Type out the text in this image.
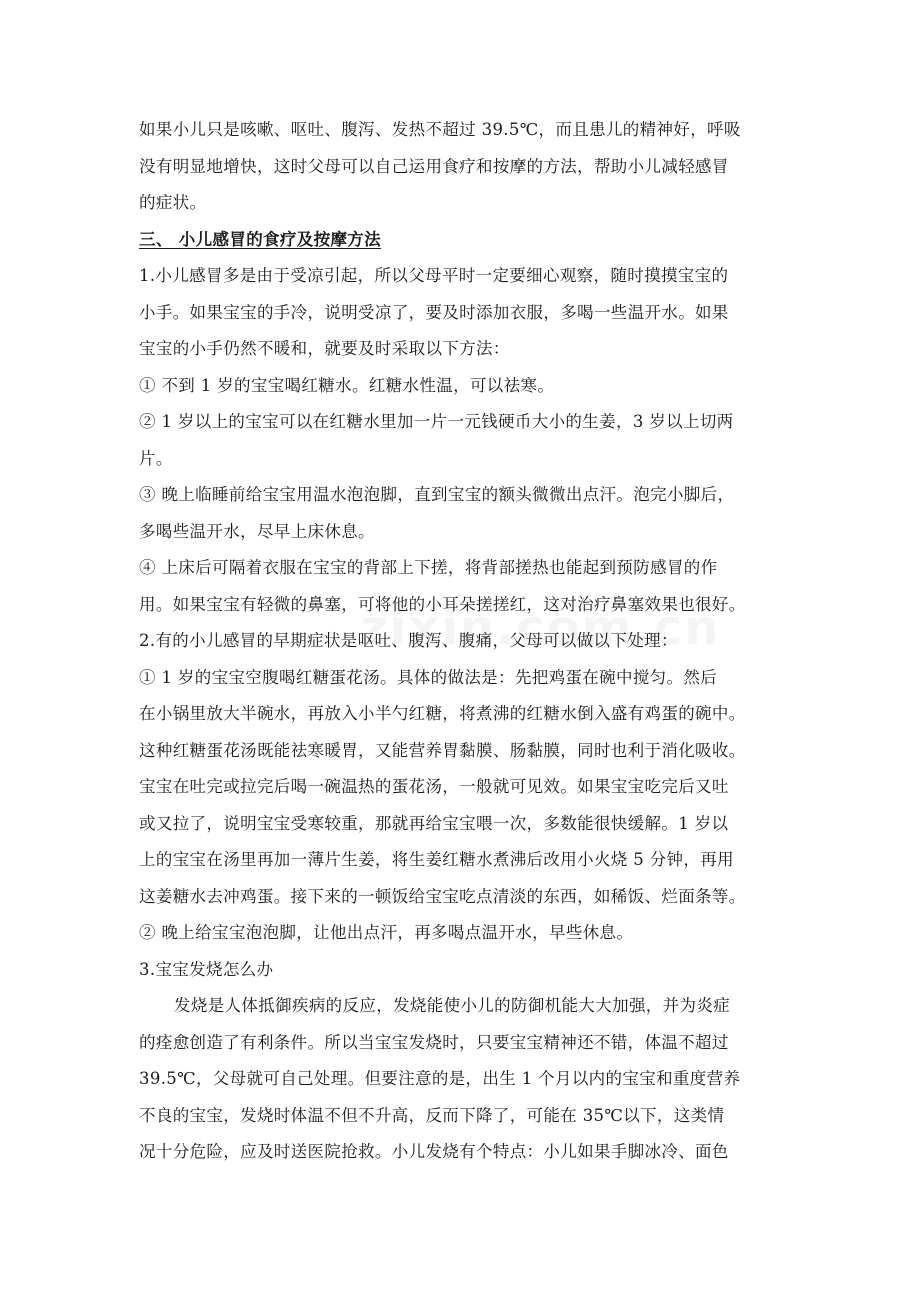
如果小儿只是咳嗽、呕吐、腹泻、发热不超过 39.5℃，而且患儿的精神好，呼吸
没有明显地增快，这时父母可以自己运用食疗和按摩的方法，帮助小儿减轻感冒
的症状。
三、 小儿感冒的食疗及按摩方法
1.小儿感冒多是由于受凉引起，所以父母平时一定要细心观察，随时摸摸宝宝的
小手。如果宝宝的手冷，说明受凉了，要及时添加衣服，多喝一些温开水。如果
宝宝的小手仍然不暖和，就要及时采取以下方法：
① 不到 1 岁的宝宝喝红糖水。红糖水性温，可以祛寒。
② 1 岁以上的宝宝可以在红糖水里加一片一元钱硬币大小的生姜，3 岁以上切两
片。
③ 晚上临睡前给宝宝用温水泡泡脚，直到宝宝的额头微微出点汗。泡完小脚后，
多喝些温开水，尽早上床休息。
④ 上床后可隔着衣服在宝宝的背部上下搓，将背部搓热也能起到预防感冒的作
用。如果宝宝有轻微的鼻塞，可将他的小耳朵搓搓红，这对治疗鼻塞效果也很好。
2.有的小儿感冒的早期症状是呕吐、腹泻、腹痛，父母可以做以下处理：
① 1 岁的宝宝空腹喝红糖蛋花汤。具体的做法是：先把鸡蛋在碗中搅匀。然后
在小锅里放大半碗水，再放入小半勺红糖，将煮沸的红糖水倒入盛有鸡蛋的碗中。
这种红糖蛋花汤既能祛寒暖胃，又能营养胃黏膜、肠黏膜，同时也利于消化吸收。
宝宝在吐完或拉完后喝一碗温热的蛋花汤，一般就可见效。如果宝宝吃完后又吐
或又拉了，说明宝宝受寒较重，那就再给宝宝喂一次，多数能很快缓解。1 岁以
上的宝宝在汤里再加一薄片生姜，将生姜红糖水煮沸后改用小火烧 5 分钟，再用
这姜糖水去冲鸡蛋。接下来的一顿饭给宝宝吃点清淡的东西，如稀饭、烂面条等。
② 晚上给宝宝泡泡脚，让他出点汗，再多喝点温开水，早些休息。
3.宝宝发烧怎么办
发烧是人体抵御疾病的反应，发烧能使小儿的防御机能大大加强，并为炎症
的痊愈创造了有利条件。所以当宝宝发烧时，只要宝宝精神还不错，体温不超过
39.5℃，父母就可自己处理。但要注意的是，出生 1 个月以内的宝宝和重度营养
不良的宝宝，发烧时体温不但不升高，反而下降了，可能在 35℃以下，这类情
况十分危险，应及时送医院抢救。小儿发烧有个特点：小儿如果手脚冰冷、面色
